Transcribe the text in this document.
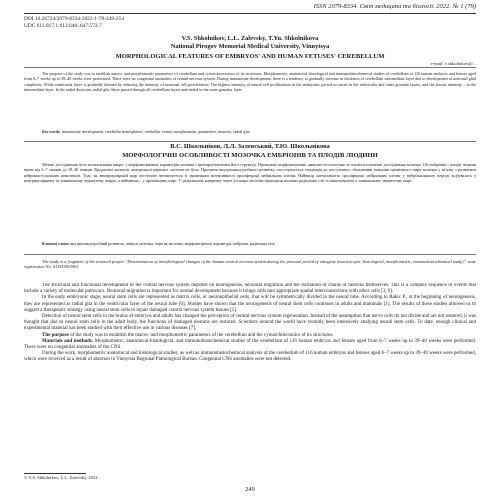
ISSN 2079-8334. Світ медицини та біології. 2022. № 1 (79)
DOI 10.26724/2079-8334-2022-1-79-249-254
UDC 611.817.1:612.646/.647:572.7
V.S. Shkolnikov, L.L. Zalevsky, T.Yu. Shkolnikova
National Pirogov Memorial Medical University, Vinnytsya
MORPHOLOGICAL FEATURES OF EMBRYOS' AND HUMAN FETUSES' CEREBELLUM
e-mail: v.shkolnikov@...
The purpose of the study was to establish macro- and morphometric parameters of cerebellum and cytoarchitectonics of its structures. Morphometric, anatomical-histological and immunohistochemical studies of cerebellum of 116 human embryos and fetuses aged from 6–7 weeks up to 39–40 weeks were performed. There were no congenital anomalies of central nervous system. During intrauterine development, there is a tendency to gradually increase in thickness of cerebellum intermediate layer due to development of neuronal glial complexes. While ventricular layer is gradually thinned by reducing the intensity of neuronal cell proliferation. The highest intensity of neural cell proliferation in the embryonic period occurred in the ventricular and outer granular layers, and the lowest intensity – in the intermediate layer. In the radial direction, radial glia fibers passed through all cerebellum layers and ended in the outer granular layer.
Key words: intrauterine development, cerebellar hemispheres, cerebellar vermis morphometric parameters, neurons, radial glia.
В.С. Школьніков, Л.Л. Залевський, Т.Ю. Школьнікова
МОРФОЛОГІЧНІ ОСОБЛИВОСТІ МОЗОЧКА ЕМБРІОНІВ ТА ПЛОДІВ ЛЮДИНИ
Метою дослідження було встановлення макро- і морфометричних параметрів мозочка і цитоархітектоніки його структур. Проведено морфометричне, анатомо-гістологічне та імуногістохімічне дослідження мозочка 116 ембріонів і плодів людини віком від 6–7 тижнів до 39–40 тижнів. Вродженої аномалії центральної нервової системи не було. Протягом внутрішньоутробного розвитку спостерігається тенденція до поступового збільшення товщини проміжного шару мозочка у зв'язку з розвитком нейронно-гліальних комплексів. Тоді, як вентрикулярний шар поступово витончується зі зниженням інтенсивності проліферації нейральних клітин. Найвища інтенсивність проліферації нейральних клітин у ембріональному періоді відбувалась у вентрикулярному та зовнішньому зернистому шарах, а найменша – у проміжному шарі. У радіальному напрямку через усі шари мозочка проходили волокна радіальної глії та закінчувались у зовнішньому зернистому шарі.
Ключові слова: внутрішньоутробний розвиток, півкулі мозочка, черв'як мозочка, морфометричні параметри, нейрони, радіальна глія.
The study is a fragment of the research project "Determination of morphological changes of the human central nervous system during the prenatal period of ontogeny (macroscopic, histological, morphometric, immunohistochemical study)", state registration No. 0118U001963.

The structural and functional development of the central nervous system depends on neurogenesis, neuronal migration and the formation of chains of neurons themselves. This is a complex sequence of events that include a variety of molecular pathways. Neuronal migration is important for normal development because it brings cells into appropriate spatial interconnections with other cells [3, 6].

In the early embryonic stage, neural stem cells are represented as matrix cells, or neuroepithelial cells, that will be symmetrically divided in the neural tube. According to Rakic P., at the beginning of neurogenesis, they are represented as radial glia in the ventricular layer of the neural tube [6]. Studies have shown that the neurogenesis of neural stem cells continues in adults and mammals [1]. The results of these studies allowed us to suggest a therapeutic strategy using neural stem cells to repair damaged central nervous system tissues [5].

Detection of neural stem cells in the brains of embryos and adults has changed the perception of central nervous system regeneration. Instead of the assumption that nerve cells do not divide and are not restored, it was thought that due to neural stem cells in the adult body, the functions of damaged neurons are restored. Scientists around the world have recently been intensively studying neural stem cells. To date, enough clinical and experimental material has been studied with their effective use in various diseases [7].

The purpose of the study was to establish the macro- and morphometric parameters of the cerebellum and the cytoarchitectonics of its structures.

Materials and methods. Morphometric, anatomical-histological, and immunohistochemical studies of the cerebellum of 116 human embryos and fetuses aged from 6–7 weeks up to 39–40 weeks were performed. There were no congenital anomalies of the CNS.

During the work, morphometric anatomical and histological studies, as well as immunohistochemical analysis of the cerebellum of 116 human embryos and fetuses aged 6–7 weeks up to 39–40 weeks were performed, which were received as a result of abortion in Vinnytsia Regional Pathological Bureau. Congenital CNS anomalies were not detected.

© V.S. Shkolnikov, L.L. Zalevsky, 2022
249
